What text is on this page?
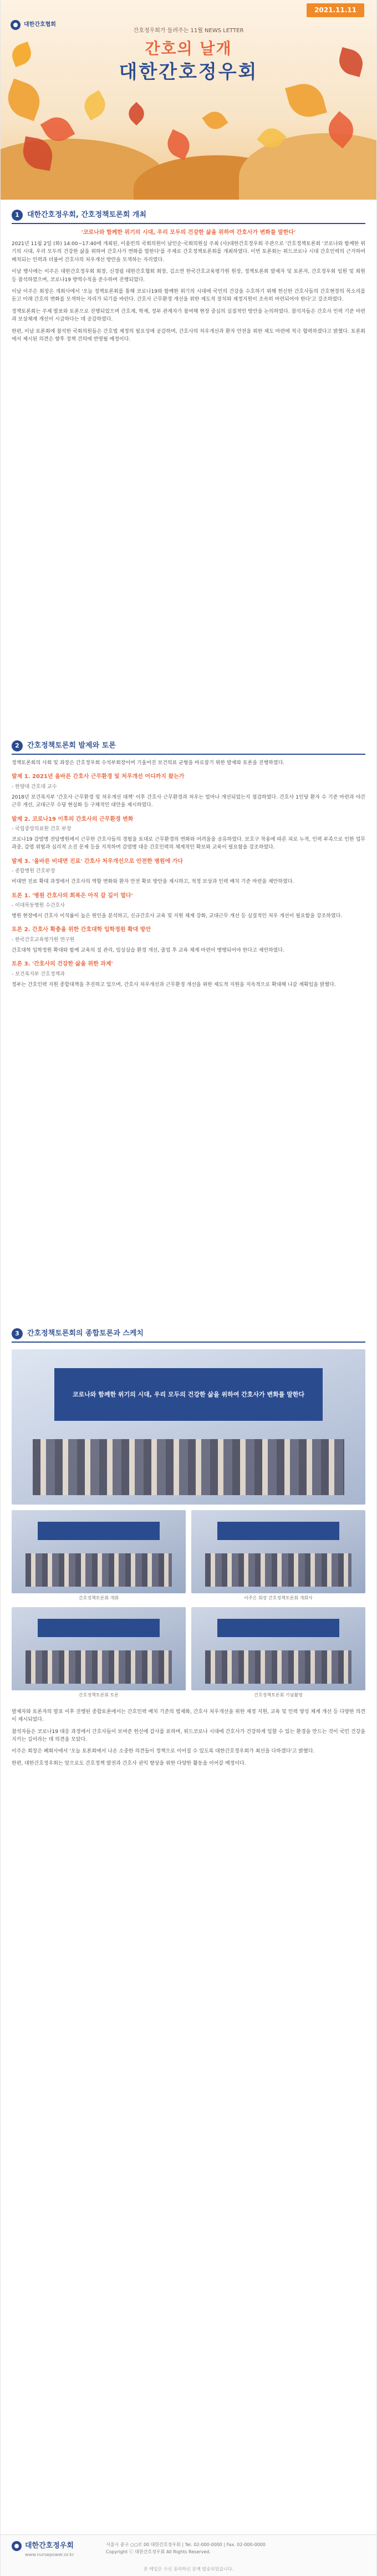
2021.11.11
대한간호협회
간호정우회가 들려주는 11월 NEWS LETTER
간호의 날개
대한간호정우회
1	대한간호정우회, 간호정책토론회 개최
'코로나와 함께한 위기의 시대, 우리 모두의 건강한 삶을 위하여 간호사가 변화를 말한다'

2021년 11월 2일 (화) 14:00~17:40에 개최된, 이용빈의 국회의원이 남인순·국회의원실 주최 (사)대한간호정우회 주관으로 '간호정책토론회 '코로나와 함께한 위기의 시대, 우리 모두의 건강한 삶을 위하여 간호사가 변화를 말한다'를 주제로 간호정책토론회를 개최하였다. 이번 토론회는 위드코로나 시대 간호인력의 근거하여 배치되는 인력과 더불어 간호사의 처우개선 방안을 모색하는 자리였다.

이날 행사에는 이주은 대한간호정우회 회장, 신경림 대한간호협회 회장, 김소연 한국간호교육평가원 원장, 정책토론회 발제자 및 토론자, 간호정우회 임원 및 회원 등 참석하였으며, 코로나19 방역수칙을 준수하며 진행되었다.

이날 이주은 회장은 개회사에서 '오늘 정책토론회를 통해 코로나19와 함께한 위기의 시대에 국민의 건강을 수호하기 위해 헌신한 간호사들의 간호현장의 목소리를 듣고 미래 간호의 변화를 모색하는 자리가 되기를 바란다. 간호사 근무환경 개선을 위한 제도적 장치와 재정지원이 조속히 마련되어야 한다'고 강조하였다.

정책토론회는 주제 발표와 토론으로 진행되었으며 간호계, 학계, 정부 관계자가 참여해 현장 중심의 실질적인 방안을 논의하였다. 참석자들은 간호사 인력 기준 마련과 보상체계 개선이 시급하다는 데 공감하였다.

한편, 이날 토론회에 참석한 국회의원들은 간호법 제정의 필요성에 공감하며, 간호사의 처우개선과 환자 안전을 위한 제도 마련에 적극 협력하겠다고 밝혔다. 토론회에서 제시된 의견은 향후 정책 건의에 반영될 예정이다.

2	간호정책토론회 발제와 토론

정책토론회의 사회 및 좌장은 간호정우회 수석부회장이며 기울어진 보건의료 균형을 바로잡기 위한 발제와 토론을 진행하였다.

발제 1. 2021년 올바른 간호사 근무환경 및 처우개선 어디까지 왔는가
- 한양대 간호대 교수

2018년 보건복지부 '간호사 근무환경 및 처우개선 대책' 이후 간호사 근무환경과 처우는 얼마나 개선되었는지 점검하였다. 간호사 1인당 환자 수 기준 마련과 야간근무 개선, 교대근무 수당 현실화 등 구체적인 대안을 제시하였다.

발제 2. 코로나19 이후의 간호사의 근무환경 변화
- 국립중앙의료원 간호 부장

코로나19 감염병 전담병원에서 근무한 간호사들의 경험을 토대로 근무환경의 변화와 어려움을 공유하였다. 보호구 착용에 따른 피로 누적, 인력 부족으로 인한 업무 과중, 감염 위험과 심리적 소진 문제 등을 지적하며 감염병 대응 간호인력의 체계적인 확보와 교육이 필요함을 강조하였다.

발제 3. '올바른 비대면 진료' 간호사 처우개선으로 안전한 병원에 가다
- 종합병원 간호부장

비대면 진료 확대 과정에서 간호사의 역할 변화와 환자 안전 확보 방안을 제시하고, 적정 보상과 인력 배치 기준 마련을 제안하였다.

토론 1. '병원 간호사의 회복은 아직 갈 길이 멀다'
- 이대목동병원 수간호사

병원 현장에서 간호사 이직률이 높은 원인을 분석하고, 신규간호사 교육 및 지원 체계 강화, 교대근무 개선 등 실질적인 처우 개선이 필요함을 강조하였다.

토론 2. 간호사 확충을 위한 간호대학 입학정원 확대 방안
- 한국간호교육평가원 연구원

간호대학 입학정원 확대와 함께 교육의 질 관리, 임상실습 환경 개선, 졸업 후 교육 체계 마련이 병행되어야 한다고 제언하였다.

토론 3. '간호사의 건강한 삶을 위한 과제'
- 보건복지부 간호정책과

정부는 간호인력 지원 종합대책을 추진하고 있으며, 간호사 처우개선과 근무환경 개선을 위한 제도적 지원을 지속적으로 확대해 나갈 계획임을 밝혔다.

3	간호정책토론회의 종합토론과 스케치
코로나와 함께한 위기의 시대, 우리 모두의 건강한 삶을 위하여 간호사가 변화를 말한다
간호정책토론회 개회	이주은 회장 간호정책토론회 개회사
간호정책토론회 토론	간호정책토론회 기념촬영

발제자와 토론자의 발표 이후 진행된 종합토론에서는 간호인력 배치 기준의 법제화, 간호사 처우개선을 위한 재정 지원, 교육 및 인력 양성 체계 개선 등 다양한 의견이 제시되었다.

참석자들은 코로나19 대응 과정에서 간호사들이 보여준 헌신에 감사를 표하며, 위드코로나 시대에 간호사가 건강하게 일할 수 있는 환경을 만드는 것이 국민 건강을 지키는 길이라는 데 의견을 모았다.

이주은 회장은 폐회사에서 '오늘 토론회에서 나온 소중한 의견들이 정책으로 이어질 수 있도록 대한간호정우회가 최선을 다하겠다'고 밝혔다.

한편, 대한간호정우회는 앞으로도 간호정책 발전과 간호사 권익 향상을 위한 다양한 활동을 이어갈 예정이다.

대한간호정우회
www.nursepower.or.kr
서울시 중구 ○○로 00 대한간호정우회 | Tel. 02-000-0000 | Fax. 02-000-0000
Copyright ⓒ 대한간호정우회 All Rights Reserved.
본 메일은 수신 동의하신 분께 발송되었습니다.
